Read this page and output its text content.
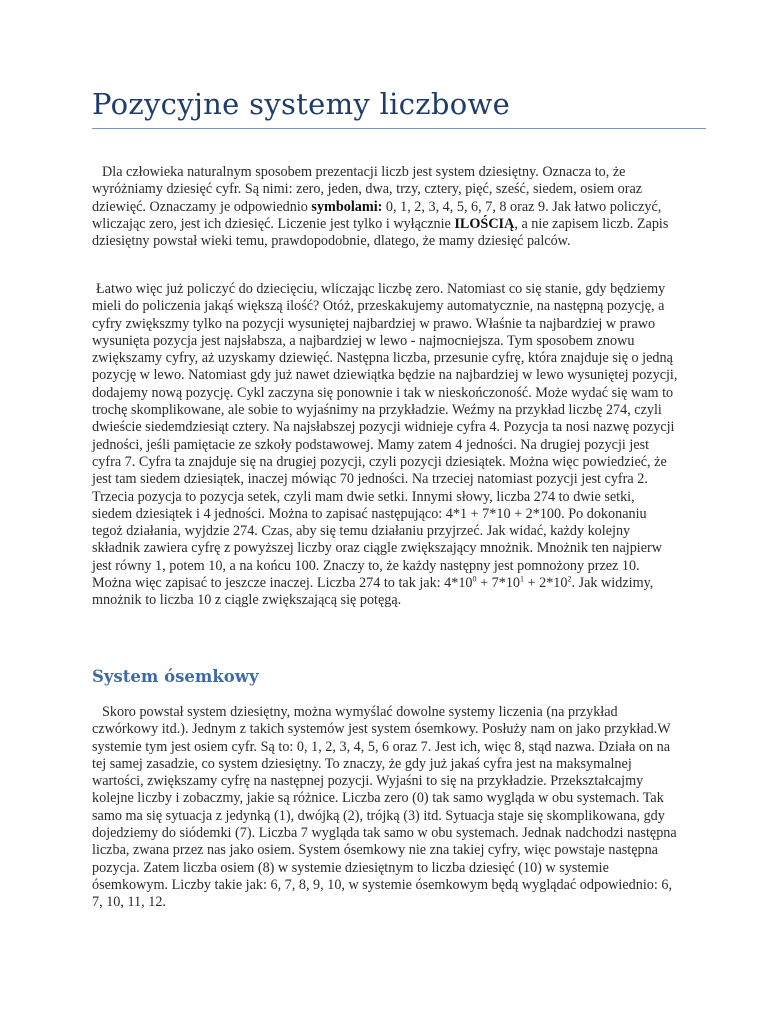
Pozycyjne systemy liczbowe

Dla człowieka naturalnym sposobem prezentacji liczb jest system dziesiętny. Oznacza to, że wyróżniamy dziesięć cyfr. Są nimi: zero, jeden, dwa, trzy, cztery, pięć, sześć, siedem, osiem oraz dziewięć. Oznaczamy je odpowiednio symbolami: 0, 1, 2, 3, 4, 5, 6, 7, 8 oraz 9. Jak łatwo policzyć, wliczając zero, jest ich dziesięć. Liczenie jest tylko i wyłącznie ILOŚCIĄ, a nie zapisem liczb. Zapis dziesiętny powstał wieki temu, prawdopodobnie, dlatego, że mamy dziesięć palców.

Łatwo więc już policzyć do dziecięciu, wliczając liczbę zero. Natomiast co się stanie, gdy będziemy mieli do policzenia jakąś większą ilość? Otóż, przeskakujemy automatycznie, na następną pozycję, a cyfry zwiększmy tylko na pozycji wysuniętej najbardziej w prawo. Właśnie ta najbardziej w prawo wysunięta pozycja jest najsłabsza, a najbardziej w lewo - najmocniejsza. Tym sposobem znowu zwiększamy cyfry, aż uzyskamy dziewięć. Następna liczba, przesunie cyfrę, która znajduje się o jedną pozycję w lewo. Natomiast gdy już nawet dziewiątka będzie na najbardziej w lewo wysuniętej pozycji, dodajemy nową pozycję. Cykl zaczyna się ponownie i tak w nieskończoność. Może wydać się wam to trochę skomplikowane, ale sobie to wyjaśnimy na przykładzie. Weźmy na przykład liczbę 274, czyli dwieście siedemdziesiąt cztery. Na najsłabszej pozycji widnieje cyfra 4. Pozycja ta nosi nazwę pozycji jedności, jeśli pamiętacie ze szkoły podstawowej. Mamy zatem 4 jedności. Na drugiej pozycji jest cyfra 7. Cyfra ta znajduje się na drugiej pozycji, czyli pozycji dziesiątek. Można więc powiedzieć, że jest tam siedem dziesiątek, inaczej mówiąc 70 jedności. Na trzeciej natomiast pozycji jest cyfra 2. Trzecia pozycja to pozycja setek, czyli mam dwie setki. Innymi słowy, liczba 274 to dwie setki, siedem dziesiątek i 4 jedności. Można to zapisać następująco: 4*1 + 7*10 + 2*100. Po dokonaniu tegoż działania, wyjdzie 274. Czas, aby się temu działaniu przyjrzeć. Jak widać, każdy kolejny składnik zawiera cyfrę z powyższej liczby oraz ciągle zwiększający mnożnik. Mnożnik ten najpierw jest równy 1, potem 10, a na końcu 100. Znaczy to, że każdy następny jest pomnożony przez 10. Można więc zapisać to jeszcze inaczej. Liczba 274 to tak jak: $4*10^0 + 7*10^1 + 2*10^2$. Jak widzimy, mnożnik to liczba 10 z ciągle zwiększającą się potęgą.

System ósemkowy

Skoro powstał system dziesiętny, można wymyślać dowolne systemy liczenia (na przykład czwórkowy itd.). Jednym z takich systemów jest system ósemkowy. Posłuży nam on jako przykład.W systemie tym jest osiem cyfr. Są to: 0, 1, 2, 3, 4, 5, 6 oraz 7. Jest ich, więc 8, stąd nazwa. Działa on na tej samej zasadzie, co system dziesiętny. To znaczy, że gdy już jakaś cyfra jest na maksymalnej wartości, zwiększamy cyfrę na następnej pozycji. Wyjaśni to się na przykładzie. Przekształcajmy kolejne liczby i zobaczmy, jakie są różnice. Liczba zero (0) tak samo wygląda w obu systemach. Tak samo ma się sytuacja z jedynką (1), dwójką (2), trójką (3) itd. Sytuacja staje się skomplikowana, gdy dojedziemy do siódemki (7). Liczba 7 wygląda tak samo w obu systemach. Jednak nadchodzi następna liczba, zwana przez nas jako osiem. System ósemkowy nie zna takiej cyfry, więc powstaje następna pozycja. Zatem liczba osiem (8) w systemie dziesiętnym to liczba dziesięć (10) w systemie ósemkowym. Liczby takie jak: 6, 7, 8, 9, 10, w systemie ósemkowym będą wyglądać odpowiednio: 6, 7, 10, 11, 12.
